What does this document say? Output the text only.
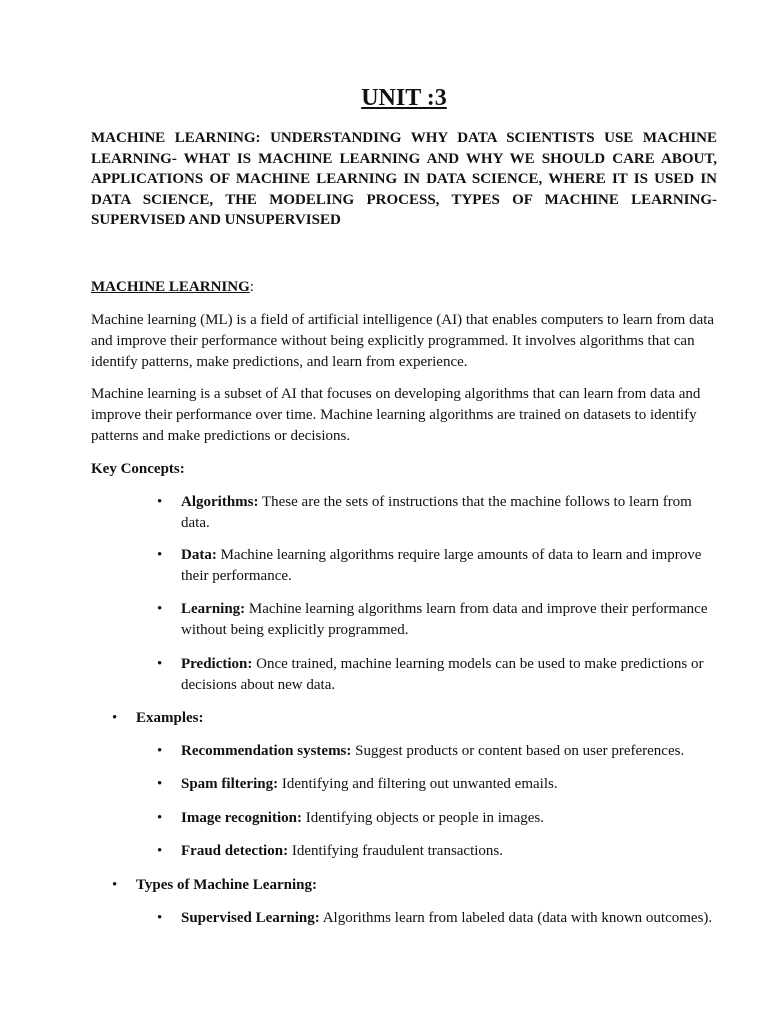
UNIT :3

MACHINE LEARNING: UNDERSTANDING WHY DATA SCIENTISTS USE MACHINE LEARNING- WHAT IS MACHINE LEARNING AND WHY WE SHOULD CARE ABOUT, APPLICATIONS OF MACHINE LEARNING IN DATA SCIENCE, WHERE IT IS USED IN DATA SCIENCE, THE MODELING PROCESS, TYPES OF MACHINE LEARNING- SUPERVISED AND UNSUPERVISED

MACHINE LEARNING:

Machine learning (ML) is a field of artificial intelligence (AI) that enables computers to learn from data and improve their performance without being explicitly programmed. It involves algorithms that can identify patterns, make predictions, and learn from experience.

Machine learning is a subset of AI that focuses on developing algorithms that can learn from data and improve their performance over time. Machine learning algorithms are trained on datasets to identify patterns and make predictions or decisions.

Key Concepts:

• Algorithms: These are the sets of instructions that the machine follows to learn from data.
• Data: Machine learning algorithms require large amounts of data to learn and improve their performance.
• Learning: Machine learning algorithms learn from data and improve their performance without being explicitly programmed.
• Prediction: Once trained, machine learning models can be used to make predictions or decisions about new data.
• Examples:
• Recommendation systems: Suggest products or content based on user preferences.
• Spam filtering: Identifying and filtering out unwanted emails.
• Image recognition: Identifying objects or people in images.
• Fraud detection: Identifying fraudulent transactions.
• Types of Machine Learning:
• Supervised Learning: Algorithms learn from labeled data (data with known outcomes).
